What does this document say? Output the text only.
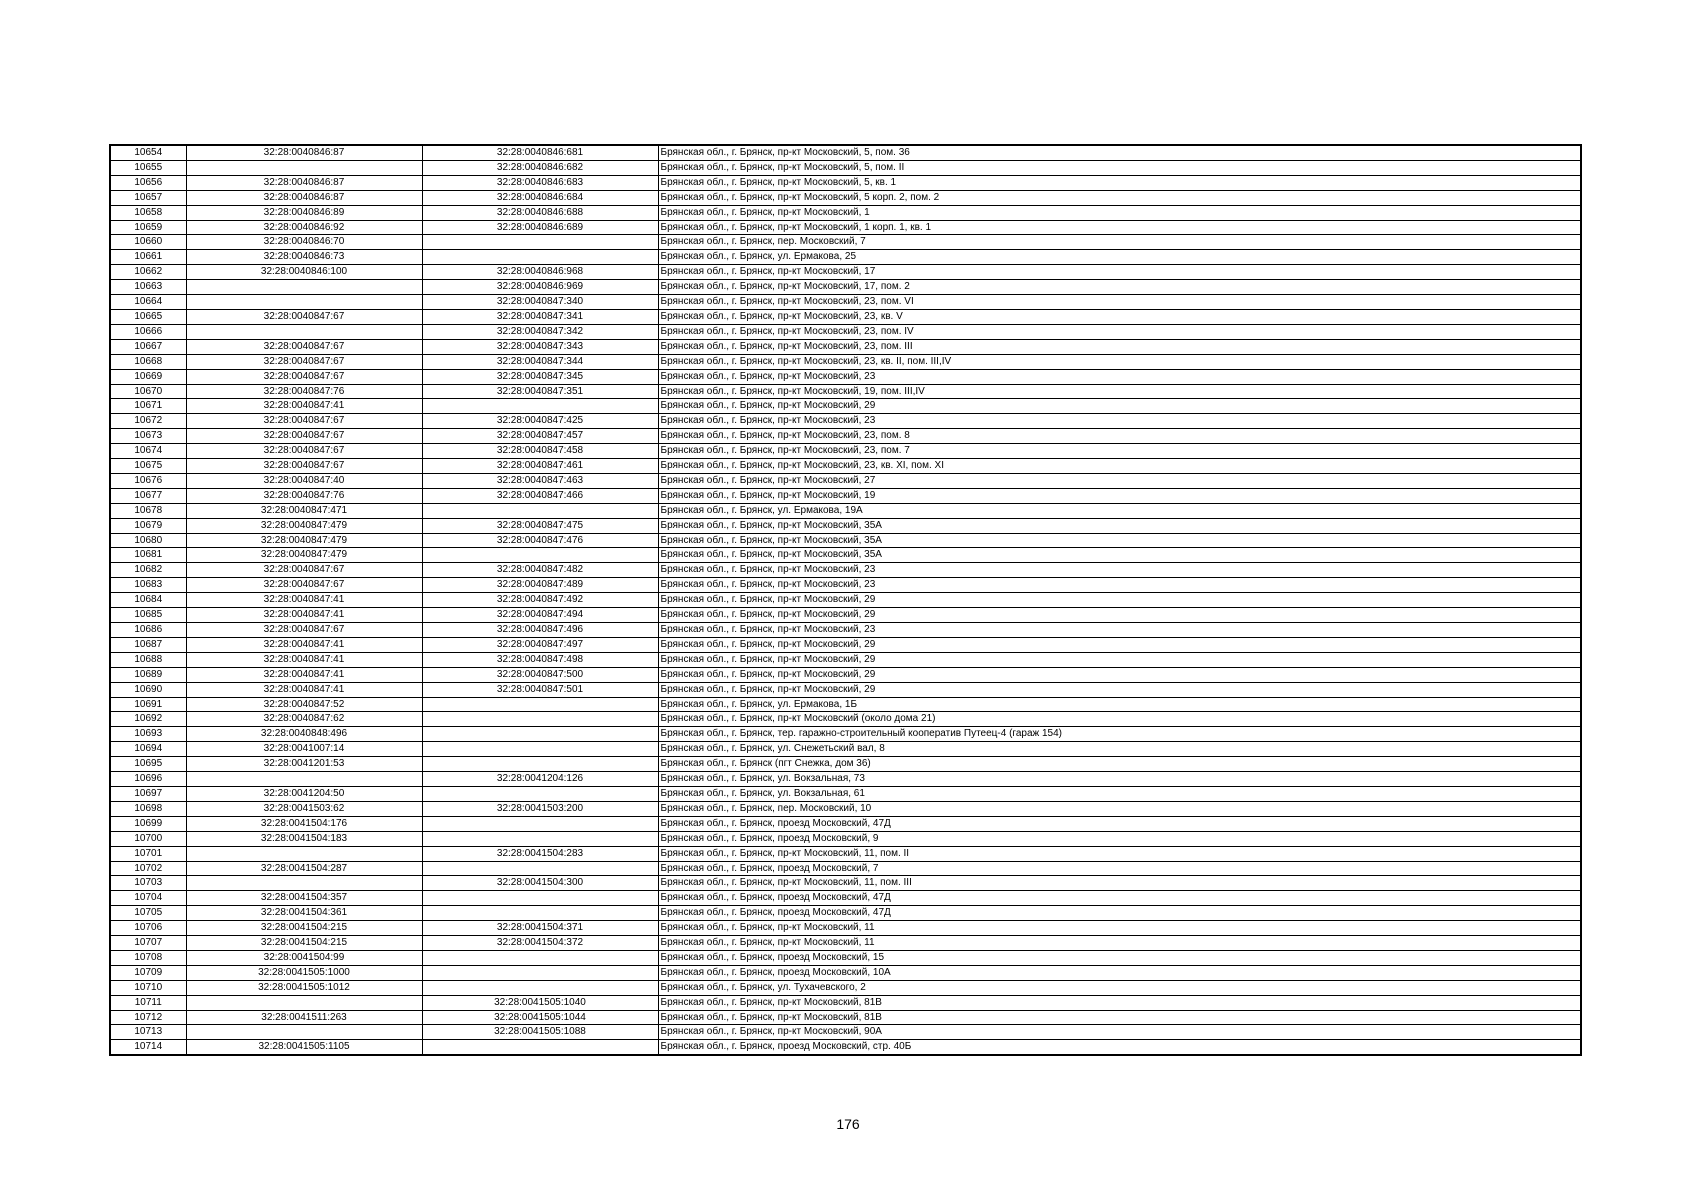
10654	32:28:0040846:87	32:28:0040846:681	Брянская обл., г. Брянск, пр-кт Московский, 5, пом. 36
10655		32:28:0040846:682	Брянская обл., г. Брянск, пр-кт Московский, 5, пом. II
10656	32:28:0040846:87	32:28:0040846:683	Брянская обл., г. Брянск, пр-кт Московский, 5, кв. 1
10657	32:28:0040846:87	32:28:0040846:684	Брянская обл., г. Брянск, пр-кт Московский, 5 корп. 2, пом. 2
10658	32:28:0040846:89	32:28:0040846:688	Брянская обл., г. Брянск, пр-кт Московский, 1
10659	32:28:0040846:92	32:28:0040846:689	Брянская обл., г. Брянск, пр-кт Московский, 1 корп. 1, кв. 1
10660	32:28:0040846:70		Брянская обл., г. Брянск, пер. Московский, 7
10661	32:28:0040846:73		Брянская обл., г. Брянск, ул. Ермакова, 25
10662	32:28:0040846:100	32:28:0040846:968	Брянская обл., г. Брянск, пр-кт Московский, 17
10663		32:28:0040846:969	Брянская обл., г. Брянск, пр-кт Московский, 17, пом. 2
10664		32:28:0040847:340	Брянская обл., г. Брянск, пр-кт Московский, 23, пом. VI
10665	32:28:0040847:67	32:28:0040847:341	Брянская обл., г. Брянск, пр-кт Московский, 23, кв. V
10666		32:28:0040847:342	Брянская обл., г. Брянск, пр-кт Московский, 23, пом. IV
10667	32:28:0040847:67	32:28:0040847:343	Брянская обл., г. Брянск, пр-кт Московский, 23, пом. III
10668	32:28:0040847:67	32:28:0040847:344	Брянская обл., г. Брянск, пр-кт Московский, 23, кв. II, пом. III,IV
10669	32:28:0040847:67	32:28:0040847:345	Брянская обл., г. Брянск, пр-кт Московский, 23
10670	32:28:0040847:76	32:28:0040847:351	Брянская обл., г. Брянск, пр-кт Московский, 19, пом. III,IV
10671	32:28:0040847:41		Брянская обл., г. Брянск, пр-кт Московский, 29
10672	32:28:0040847:67	32:28:0040847:425	Брянская обл., г. Брянск, пр-кт Московский, 23
10673	32:28:0040847:67	32:28:0040847:457	Брянская обл., г. Брянск, пр-кт Московский, 23, пом. 8
10674	32:28:0040847:67	32:28:0040847:458	Брянская обл., г. Брянск, пр-кт Московский, 23, пом. 7
10675	32:28:0040847:67	32:28:0040847:461	Брянская обл., г. Брянск, пр-кт Московский, 23, кв. XI, пом. XI
10676	32:28:0040847:40	32:28:0040847:463	Брянская обл., г. Брянск, пр-кт Московский, 27
10677	32:28:0040847:76	32:28:0040847:466	Брянская обл., г. Брянск, пр-кт Московский, 19
10678	32:28:0040847:471		Брянская обл., г. Брянск, ул. Ермакова, 19А
10679	32:28:0040847:479	32:28:0040847:475	Брянская обл., г. Брянск, пр-кт Московский, 35А
10680	32:28:0040847:479	32:28:0040847:476	Брянская обл., г. Брянск, пр-кт Московский, 35А
10681	32:28:0040847:479		Брянская обл., г. Брянск, пр-кт Московский, 35А
10682	32:28:0040847:67	32:28:0040847:482	Брянская обл., г. Брянск, пр-кт Московский, 23
10683	32:28:0040847:67	32:28:0040847:489	Брянская обл., г. Брянск, пр-кт Московский, 23
10684	32:28:0040847:41	32:28:0040847:492	Брянская обл., г. Брянск, пр-кт Московский, 29
10685	32:28:0040847:41	32:28:0040847:494	Брянская обл., г. Брянск, пр-кт Московский, 29
10686	32:28:0040847:67	32:28:0040847:496	Брянская обл., г. Брянск, пр-кт Московский, 23
10687	32:28:0040847:41	32:28:0040847:497	Брянская обл., г. Брянск, пр-кт Московский, 29
10688	32:28:0040847:41	32:28:0040847:498	Брянская обл., г. Брянск, пр-кт Московский, 29
10689	32:28:0040847:41	32:28:0040847:500	Брянская обл., г. Брянск, пр-кт Московский, 29
10690	32:28:0040847:41	32:28:0040847:501	Брянская обл., г. Брянск, пр-кт Московский, 29
10691	32:28:0040847:52		Брянская обл., г. Брянск, ул. Ермакова, 1Б
10692	32:28:0040847:62		Брянская обл., г. Брянск, пр-кт Московский (около дома 21)
10693	32:28:0040848:496		Брянская обл., г. Брянск, тер. гаражно-строительный кооператив Путеец-4 (гараж 154)
10694	32:28:0041007:14		Брянская обл., г. Брянск, ул. Снежетьский вал, 8
10695	32:28:0041201:53		Брянская обл., г. Брянск (пгт Снежка, дом 36)
10696		32:28:0041204:126	Брянская обл., г. Брянск, ул. Вокзальная, 73
10697	32:28:0041204:50		Брянская обл., г. Брянск, ул. Вокзальная, 61
10698	32:28:0041503:62	32:28:0041503:200	Брянская обл., г. Брянск, пер. Московский, 10
10699	32:28:0041504:176		Брянская обл., г. Брянск, проезд Московский, 47Д
10700	32:28:0041504:183		Брянская обл., г. Брянск, проезд Московский, 9
10701		32:28:0041504:283	Брянская обл., г. Брянск, пр-кт Московский, 11, пом. II
10702	32:28:0041504:287		Брянская обл., г. Брянск, проезд Московский, 7
10703		32:28:0041504:300	Брянская обл., г. Брянск, пр-кт Московский, 11, пом. III
10704	32:28:0041504:357		Брянская обл., г. Брянск, проезд Московский, 47Д
10705	32:28:0041504:361		Брянская обл., г. Брянск, проезд Московский, 47Д
10706	32:28:0041504:215	32:28:0041504:371	Брянская обл., г. Брянск, пр-кт Московский, 11
10707	32:28:0041504:215	32:28:0041504:372	Брянская обл., г. Брянск, пр-кт Московский, 11
10708	32:28:0041504:99		Брянская обл., г. Брянск, проезд Московский, 15
10709	32:28:0041505:1000		Брянская обл., г. Брянск, проезд Московский, 10А
10710	32:28:0041505:1012		Брянская обл., г. Брянск, ул. Тухачевского, 2
10711		32:28:0041505:1040	Брянская обл., г. Брянск, пр-кт Московский, 81В
10712	32:28:0041511:263	32:28:0041505:1044	Брянская обл., г. Брянск, пр-кт Московский, 81В
10713		32:28:0041505:1088	Брянская обл., г. Брянск, пр-кт Московский, 90А
10714	32:28:0041505:1105		Брянская обл., г. Брянск, проезд Московский, стр. 40Б
176
